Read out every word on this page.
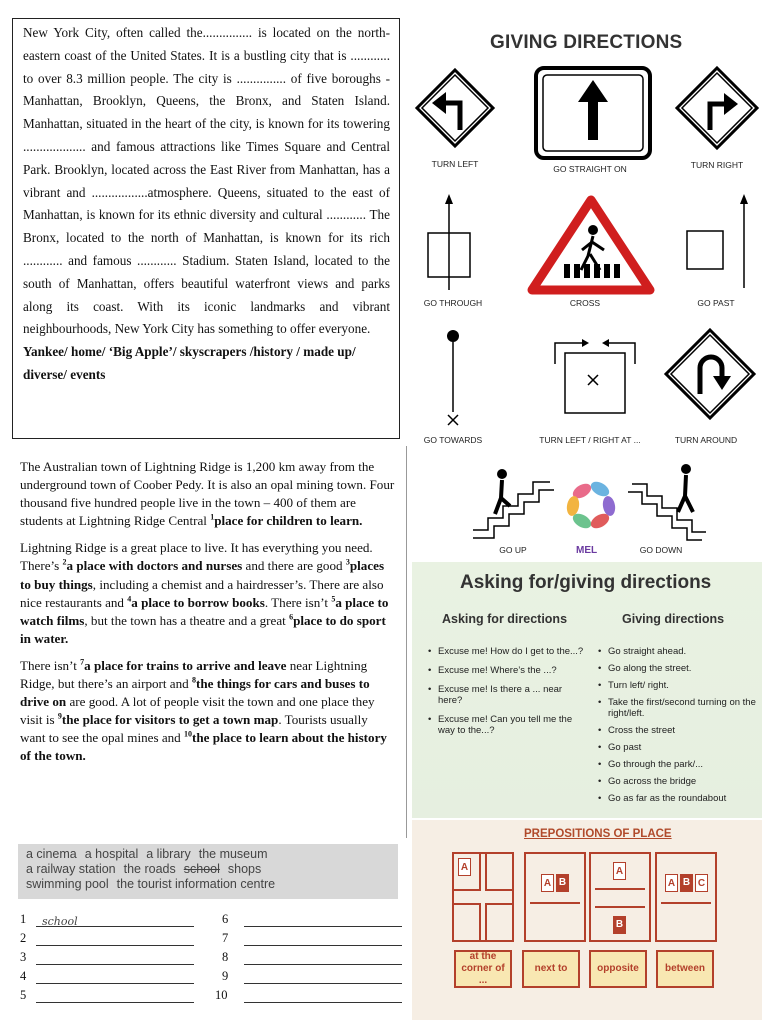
New York City, often called the............... is located on the north-eastern coast of the United States. It is a bustling city that is ............ to over 8.3 million people. The city is ............... of five boroughs - Manhattan, Brooklyn, Queens, the Bronx, and Staten Island. Manhattan, situated in the heart of the city, is known for its towering ................... and famous attractions like Times Square and Central Park. Brooklyn, located across the East River from Manhattan, has a vibrant and .................atmosphere. Queens, situated to the east of Manhattan, is known for its ethnic diversity and cultural ............ The Bronx, located to the north of Manhattan, is known for its rich ............ and famous ............ Stadium. Staten Island, located to the south of Manhattan, offers beautiful waterfront views and parks along its coast. With its iconic landmarks and vibrant neighbourhoods, New York City has something to offer everyone.

Yankee/ home/ ‘Big Apple’/ skyscrapers /history / made up/ diverse/ events

The Australian town of Lightning Ridge is 1,200 km away from the underground town of Coober Pedy. It is also an opal mining town. Four thousand five hundred people live in the town – 400 of them are students at Lightning Ridge Central $^1$place for children to learn.

Lightning Ridge is a great place to live. It has everything you need. There’s $^2$a place with doctors and nurses and there are good $^3$places to buy things, including a chemist and a hairdresser’s. There are also nice restaurants and $^4$a place to borrow books. There isn’t $^5$a place to watch films, but the town has a theatre and a great $^6$place to do sport in water.

There isn’t $^7$a place for trains to arrive and leave near Lightning Ridge, but there’s an airport and $^8$the things for cars and buses to drive on are good. A lot of people visit the town and one place they visit is $^9$the place for visitors to get a town map. Tourists usually want to see the opal mines and $^{10}$the place to learn about the history of the town.

a cinema a hospital a library the museum
a railway station the roads school shops
swimming pool the tourist information centre
1 school
2
3
4
5
6
7
8
9
10
GIVING DIRECTIONS
MEL
TURN LEFT	GO STRAIGHT ON	TURN RIGHT
GO THROUGH	CROSS	GO PAST
GO TOWARDS	TURN LEFT / RIGHT AT ...	TURN AROUND
GO UP	GO DOWN
Asking for/giving directions
Asking for directions	Giving directions
• Excuse me! How do I get to the...?
• Excuse me! Where’s the ...?
• Excuse me! Is there a ... near here?
• Excuse me! Can you tell me the way to the...?
• Go straight ahead.
• Go along the street.
• Turn left/ right.
• Take the first/second turning on the right/left.
• Cross the street
• Go past
• Go through the park/...
• Go across the bridge
• Go as far as the roundabout
PREPOSITIONS OF PLACE
A
A B
A
B
A B C
at the corner of ...
next to	opposite	between
